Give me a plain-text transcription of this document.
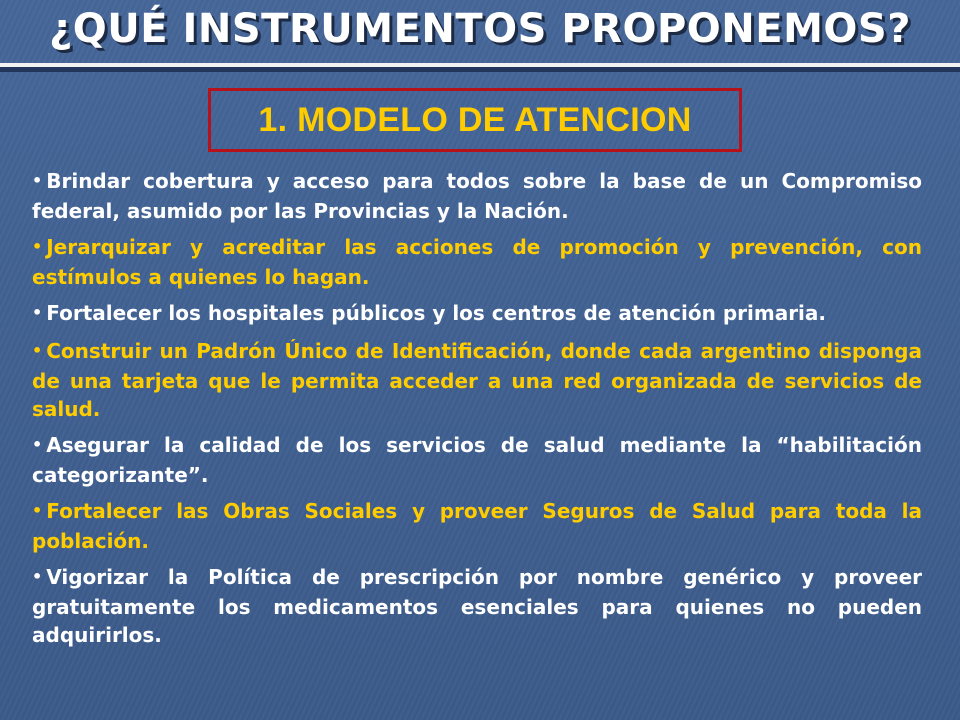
¿QUÉ INSTRUMENTOS PROPONEMOS?
1. MODELO DE ATENCION
• Brindar cobertura y acceso para todos sobre la base de un Compromiso federal, asumido por las Provincias y la Nación.
• Jerarquizar y acreditar las acciones de promoción y prevención, con estímulos a quienes lo hagan.
• Fortalecer los hospitales públicos y los centros de atención primaria.
• Construir un Padrón Único de Identificación, donde cada argentino disponga de una tarjeta que le permita acceder a una red organizada de servicios de salud.
• Asegurar la calidad de los servicios de salud mediante la “habilitación categorizante”.
• Fortalecer las Obras Sociales y proveer Seguros de Salud para toda la población.
• Vigorizar la Política de prescripción por nombre genérico y proveer gratuitamente los medicamentos esenciales para quienes no pueden adquirirlos.
